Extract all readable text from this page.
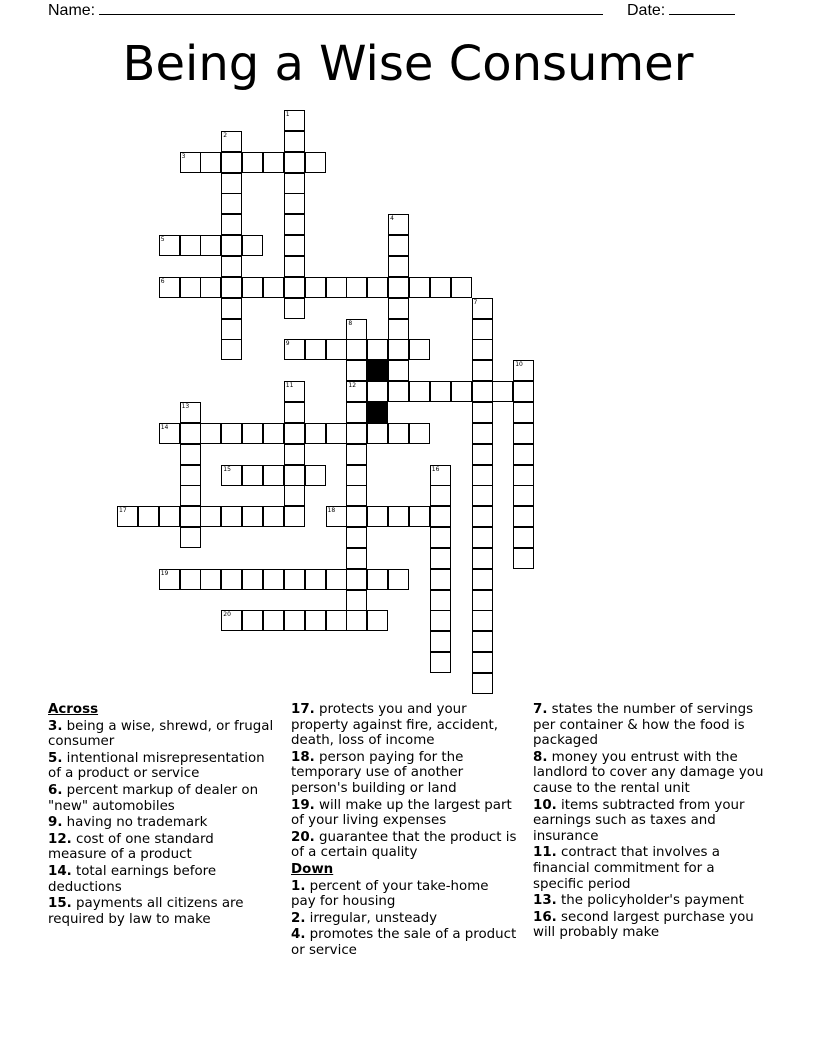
Name:	Date:
Being a Wise Consumer
1
2
3
4
5
6
7
8
12
9
10
11
13
14
15	16
17	18
19
20
Across
3. being a wise, shrewd, or frugal consumer
5. intentional misrepresentation of a product or service
6. percent markup of dealer on "new" automobiles
9. having no trademark
12. cost of one standard measure of a product
14. total earnings before deductions
15. payments all citizens are required by law to make
17. protects you and your property against fire, accident, death, loss of income
18. person paying for the temporary use of another person's building or land
19. will make up the largest part of your living expenses
20. guarantee that the product is of a certain quality
Down
1. percent of your take-home pay for housing
2. irregular, unsteady
4. promotes the sale of a product or service
7. states the number of servings per container & how the food is packaged
8. money you entrust with the landlord to cover any damage you cause to the rental unit
10. items subtracted from your earnings such as taxes and insurance
11. contract that involves a financial commitment for a specific period
13. the policyholder's payment
16. second largest purchase you will probably make
